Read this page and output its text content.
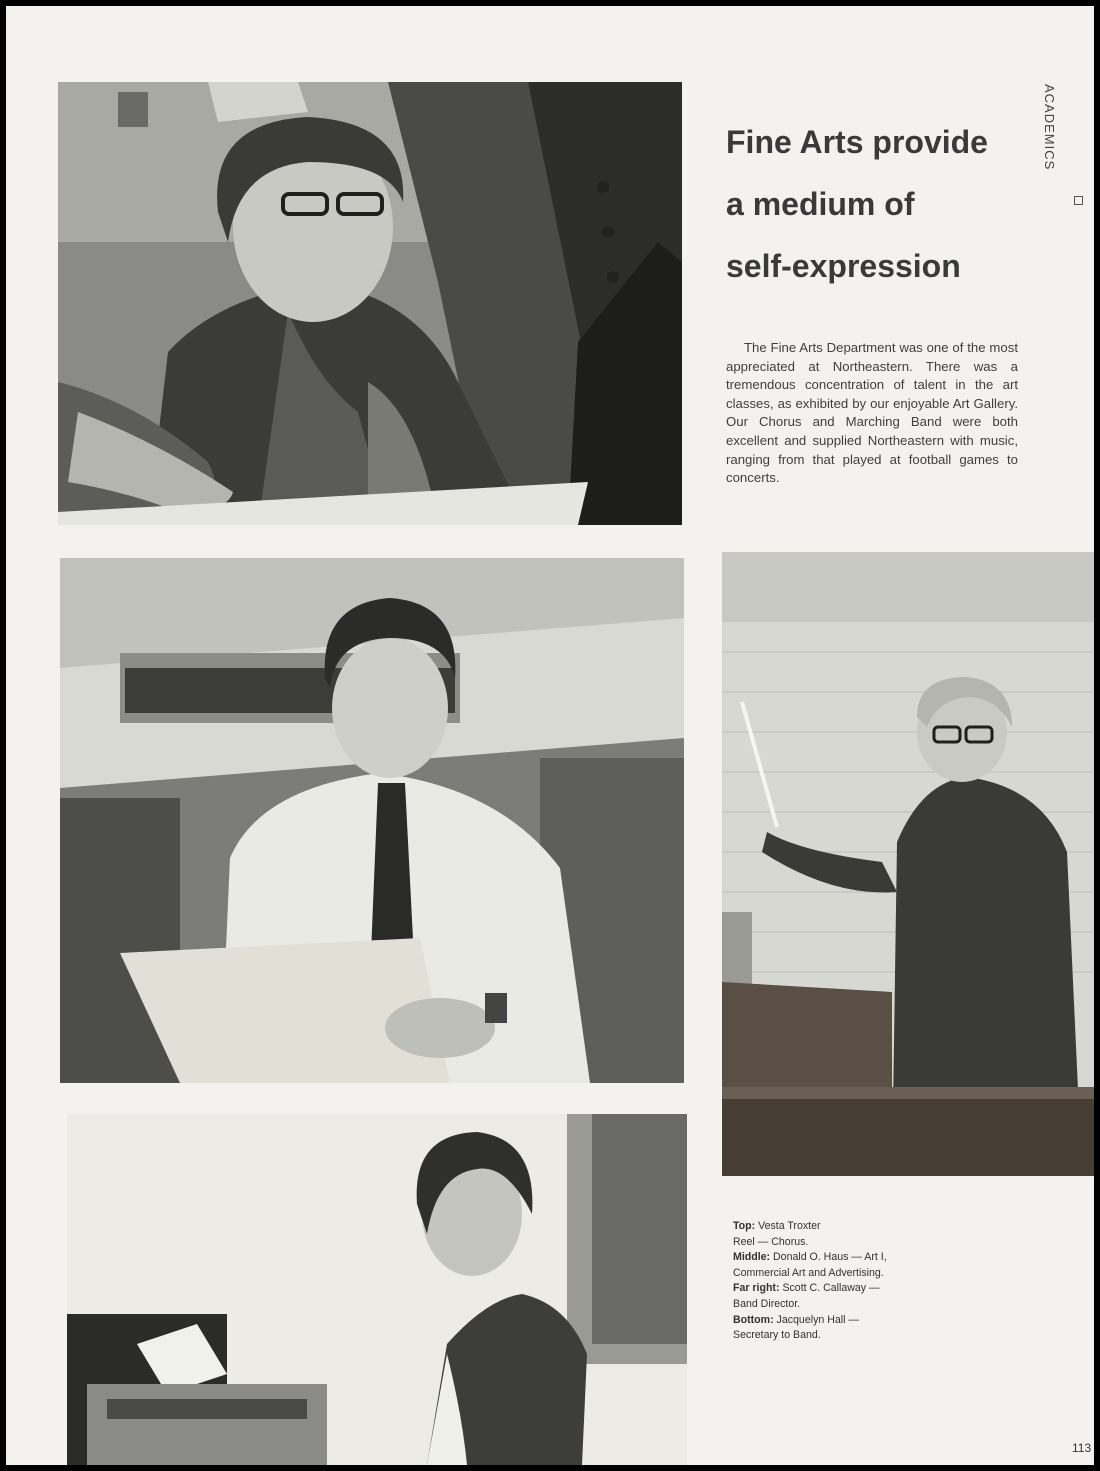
Fine Arts provide
a medium of
self-expression

The Fine Arts Department was one of the most appreciated at Northeastern. There was a tremendous concentration of talent in the art classes, as exhibited by our enjoyable Art Gallery. Our Chorus and Marching Band were both excellent and supplied Northeastern with music, ranging from that played at football games to concerts.

ACADEMICS
Top: Vesta Troxter
Reel — Chorus.
Middle: Donald O. Haus — Art I,
Commercial Art and Advertising.
Far right: Scott C. Callaway —
Band Director.
Bottom: Jacquelyn Hall —
Secretary to Band.
113
